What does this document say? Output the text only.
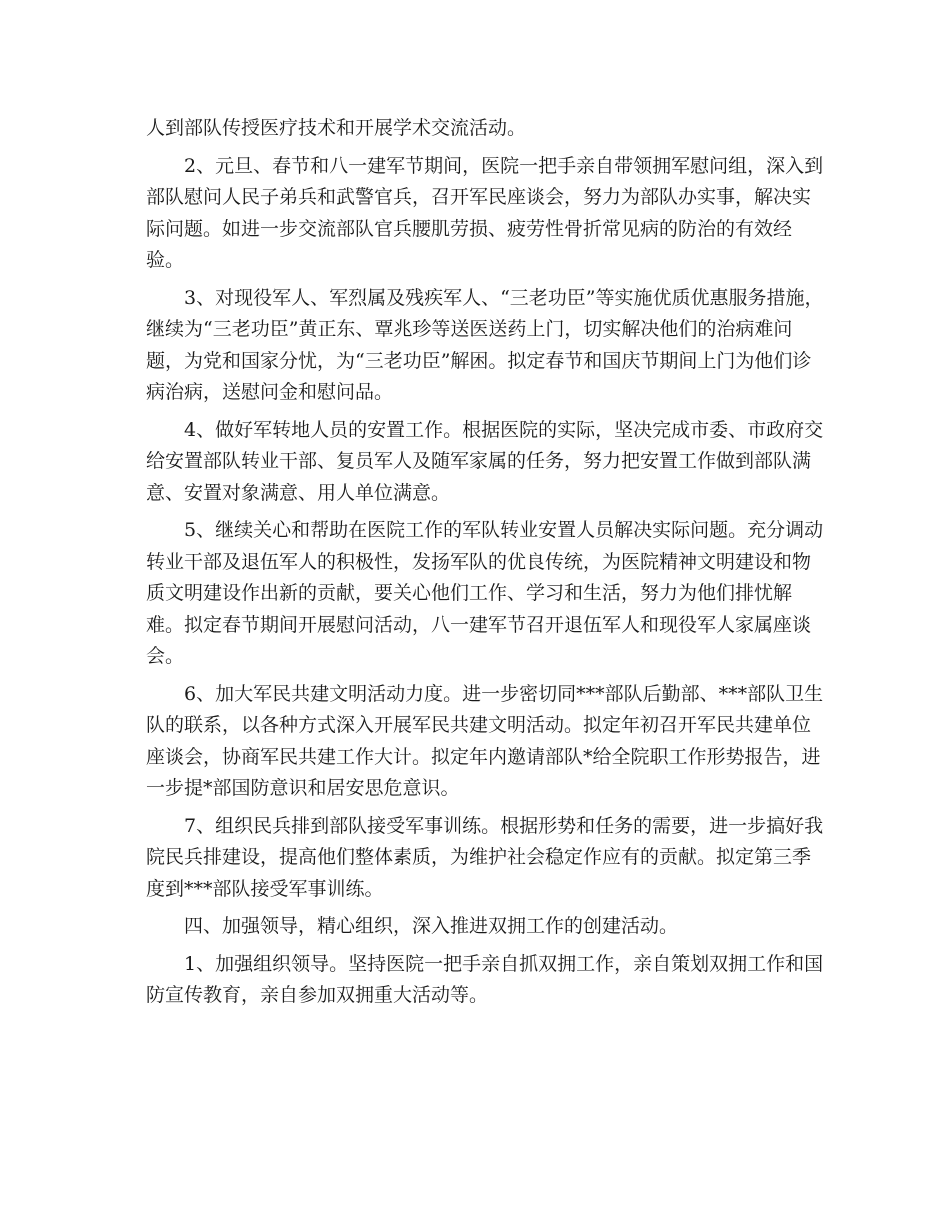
人到部队传授医疗技术和开展学术交流活动。
2、元旦、春节和八一建军节期间，医院一把手亲自带领拥军慰问组，深入到
部队慰问人民子弟兵和武警官兵，召开军民座谈会，努力为部队办实事，解决实
际问题。如进一步交流部队官兵腰肌劳损、疲劳性骨折常见病的防治的有效经
验。
3、对现役军人、军烈属及残疾军人、“三老功臣”等实施优质优惠服务措施，
继续为“三老功臣”黄正东、覃兆珍等送医送药上门，切实解决他们的治病难问
题，为党和国家分忧，为“三老功臣”解困。拟定春节和国庆节期间上门为他们诊
病治病，送慰问金和慰问品。
4、做好军转地人员的安置工作。根据医院的实际，坚决完成市委、市政府交
给安置部队转业干部、复员军人及随军家属的任务，努力把安置工作做到部队满
意、安置对象满意、用人单位满意。
5、继续关心和帮助在医院工作的军队转业安置人员解决实际问题。充分调动
转业干部及退伍军人的积极性，发扬军队的优良传统，为医院精神文明建设和物
质文明建设作出新的贡献，要关心他们工作、学习和生活，努力为他们排忧解
难。拟定春节期间开展慰问活动，八一建军节召开退伍军人和现役军人家属座谈
会。
6、加大军民共建文明活动力度。进一步密切同***部队后勤部、***部队卫生
队的联系，以各种方式深入开展军民共建文明活动。拟定年初召开军民共建单位
座谈会，协商军民共建工作大计。拟定年内邀请部队*给全院职工作形势报告，进
一步提*部国防意识和居安思危意识。
7、组织民兵排到部队接受军事训练。根据形势和任务的需要，进一步搞好我
院民兵排建设，提高他们整体素质，为维护社会稳定作应有的贡献。拟定第三季
度到***部队接受军事训练。
四、加强领导，精心组织，深入推进双拥工作的创建活动。
1、加强组织领导。坚持医院一把手亲自抓双拥工作，亲自策划双拥工作和国
防宣传教育，亲自参加双拥重大活动等。
